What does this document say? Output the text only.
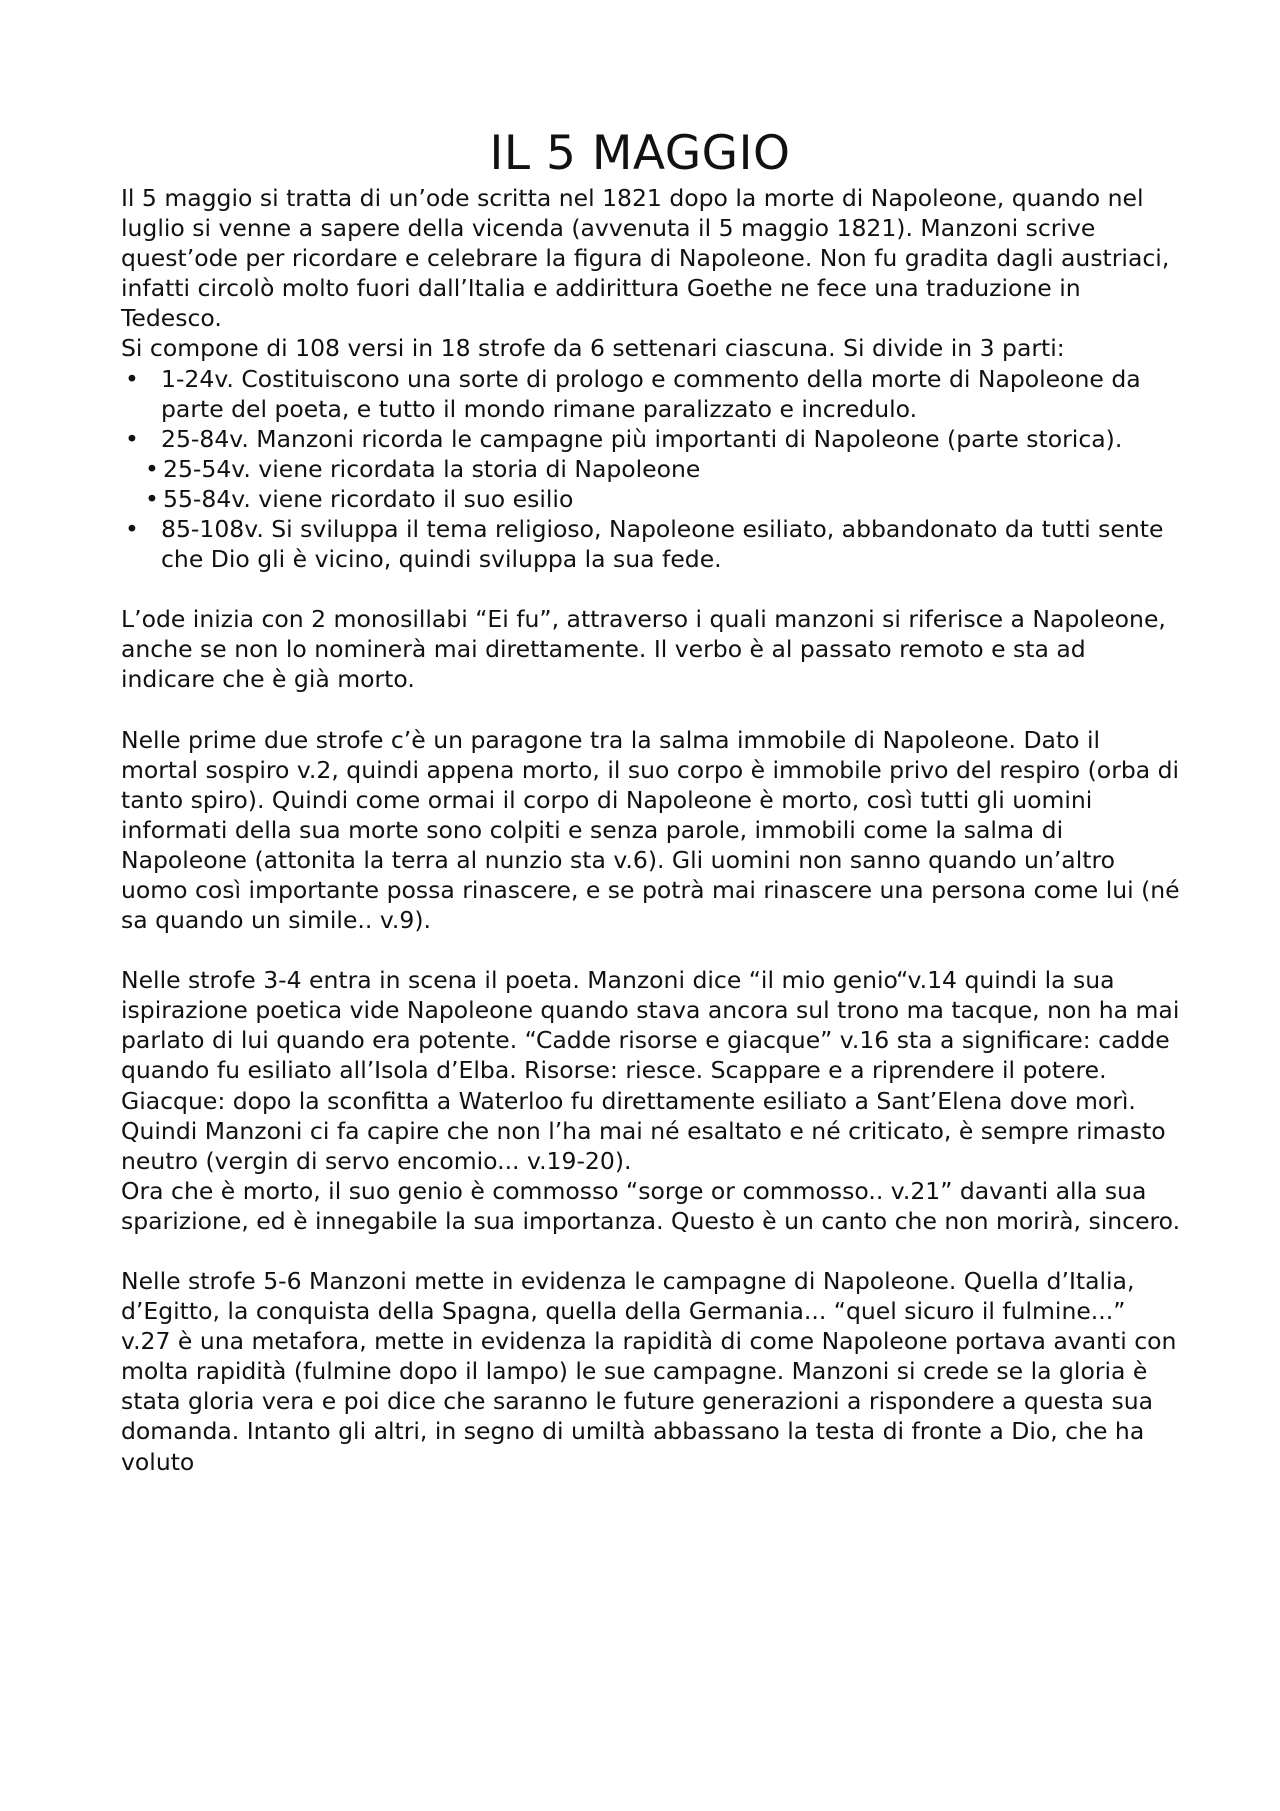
IL 5 MAGGIO

Il 5 maggio si tratta di un’ode scritta nel 1821 dopo la morte di Napoleone, quando nel luglio si venne a sapere della vicenda (avvenuta il 5 maggio 1821). Manzoni scrive quest’ode per ricordare e celebrare la figura di Napoleone. Non fu gradita dagli austriaci, infatti circolò molto fuori dall’Italia e addirittura Goethe ne fece una traduzione in Tedesco.

Si compone di 108 versi in 18 strofe da 6 settenari ciascuna. Si divide in 3 parti:

• 1-24v. Costituiscono una sorte di prologo e commento della morte di Napoleone da parte del poeta, e tutto il mondo rimane paralizzato e incredulo.
• 25-84v. Manzoni ricorda le campagne più importanti di Napoleone (parte storica).
• 25-54v. viene ricordata la storia di Napoleone
• 55-84v. viene ricordato il suo esilio
• 85-108v. Si sviluppa il tema religioso, Napoleone esiliato, abbandonato da tutti sente che Dio gli è vicino, quindi sviluppa la sua fede.

L’ode inizia con 2 monosillabi “Ei fu”, attraverso i quali manzoni si riferisce a Napoleone, anche se non lo nominerà mai direttamente. Il verbo è al passato remoto e sta ad indicare che è già morto.

Nelle prime due strofe c’è un paragone tra la salma immobile di Napoleone. Dato il mortal sospiro v.2, quindi appena morto, il suo corpo è immobile privo del respiro (orba di tanto spiro). Quindi come ormai il corpo di Napoleone è morto, così tutti gli uomini informati della sua morte sono colpiti e senza parole, immobili come la salma di Napoleone (attonita la terra al nunzio sta v.6). Gli uomini non sanno quando un’altro uomo così importante possa rinascere, e se potrà mai rinascere una persona come lui (né sa quando un simile.. v.9).

Nelle strofe 3-4 entra in scena il poeta. Manzoni dice “il mio genio“v.14 quindi la sua ispirazione poetica vide Napoleone quando stava ancora sul trono ma tacque, non ha mai parlato di lui quando era potente. “Cadde risorse e giacque” v.16 sta a significare: cadde quando fu esiliato all’Isola d’Elba. Risorse: riesce. Scappare e a riprendere il potere. Giacque: dopo la sconfitta a Waterloo fu direttamente esiliato a Sant’Elena dove morì. Quindi Manzoni ci fa capire che non l’ha mai né esaltato e né criticato, è sempre rimasto neutro (vergin di servo encomio... v.19-20).

Ora che è morto, il suo genio è commosso “sorge or commosso.. v.21” davanti alla sua sparizione, ed è innegabile la sua importanza. Questo è un canto che non morirà, sincero.

Nelle strofe 5-6 Manzoni mette in evidenza le campagne di Napoleone. Quella d’Italia, d’Egitto, la conquista della Spagna, quella della Germania... “quel sicuro il fulmine...” v.27 è una metafora, mette in evidenza la rapidità di come Napoleone portava avanti con molta rapidità (fulmine dopo il lampo) le sue campagne. Manzoni si crede se la gloria è stata gloria vera e poi dice che saranno le future generazioni a rispondere a questa sua domanda. Intanto gli altri, in segno di umiltà abbassano la testa di fronte a Dio, che ha voluto
